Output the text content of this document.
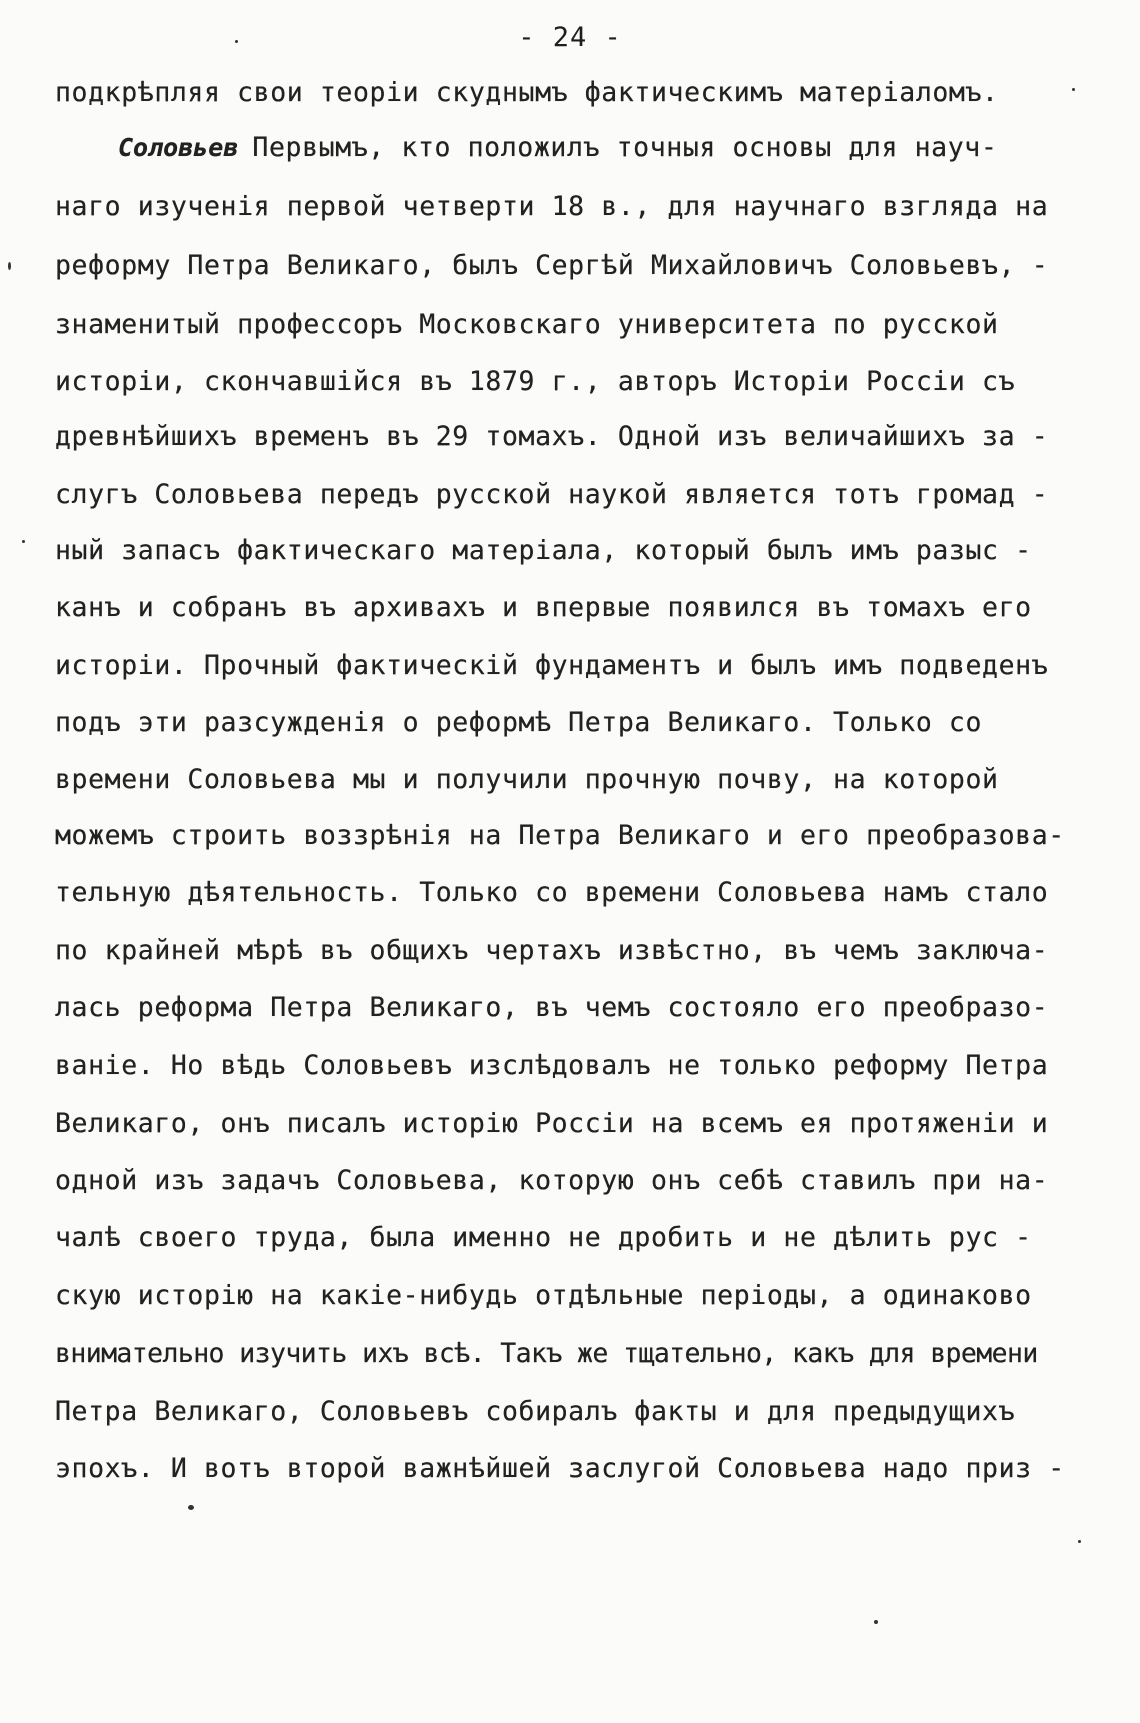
- 24 -
подкрѣпляя свои теоріи скуднымъ фактическимъ матеріаломъ.
Соловьев Первымъ, кто положилъ точныя основы для науч-
наго изученія первой четверти 18 в., для научнаго взгляда на
реформу Петра Великаго, былъ Сергѣй Михайловичъ Соловьевъ, -
знаменитый профессоръ Московскаго университета по русской
исторіи, скончавшійся въ 1879 г., авторъ Исторіи Россіи съ
древнѣйшихъ временъ въ 29 томахъ. Одной изъ величайшихъ за -
слугъ Соловьева передъ русской наукой является тотъ громад -
ный запасъ фактическаго матеріала, который былъ имъ разыс -
канъ и собранъ въ архивахъ и впервые появился въ томахъ его
исторіи. Прочный фактическій фундаментъ и былъ имъ подведенъ
подъ эти разсужденія о реформѣ Петра Великаго. Только со
времени Соловьева мы и получили прочную почву, на которой
можемъ строить воззрѣнія на Петра Великаго и его преобразова-
тельную дѣятельность. Только со времени Соловьева намъ стало
по крайней мѣрѣ въ общихъ чертахъ извѣстно, въ чемъ заключа-
лась реформа Петра Великаго, въ чемъ состояло его преобразо-
ваніе. Но вѣдь Соловьевъ изслѣдовалъ не только реформу Петра
Великаго, онъ писалъ исторію Россіи на всемъ ея протяженіи и
одной изъ задачъ Соловьева, которую онъ себѣ ставилъ при на-
чалѣ своего труда, была именно не дробить и не дѣлить рус -
скую исторію на какіе-нибудь отдѣльные періоды, а одинаково
внимательно изучить ихъ всѣ. Такъ же тщательно, какъ для времени
Петра Великаго, Соловьевъ собиралъ факты и для предыдущихъ
эпохъ. И вотъ второй важнѣйшей заслугой Соловьева надо приз -
